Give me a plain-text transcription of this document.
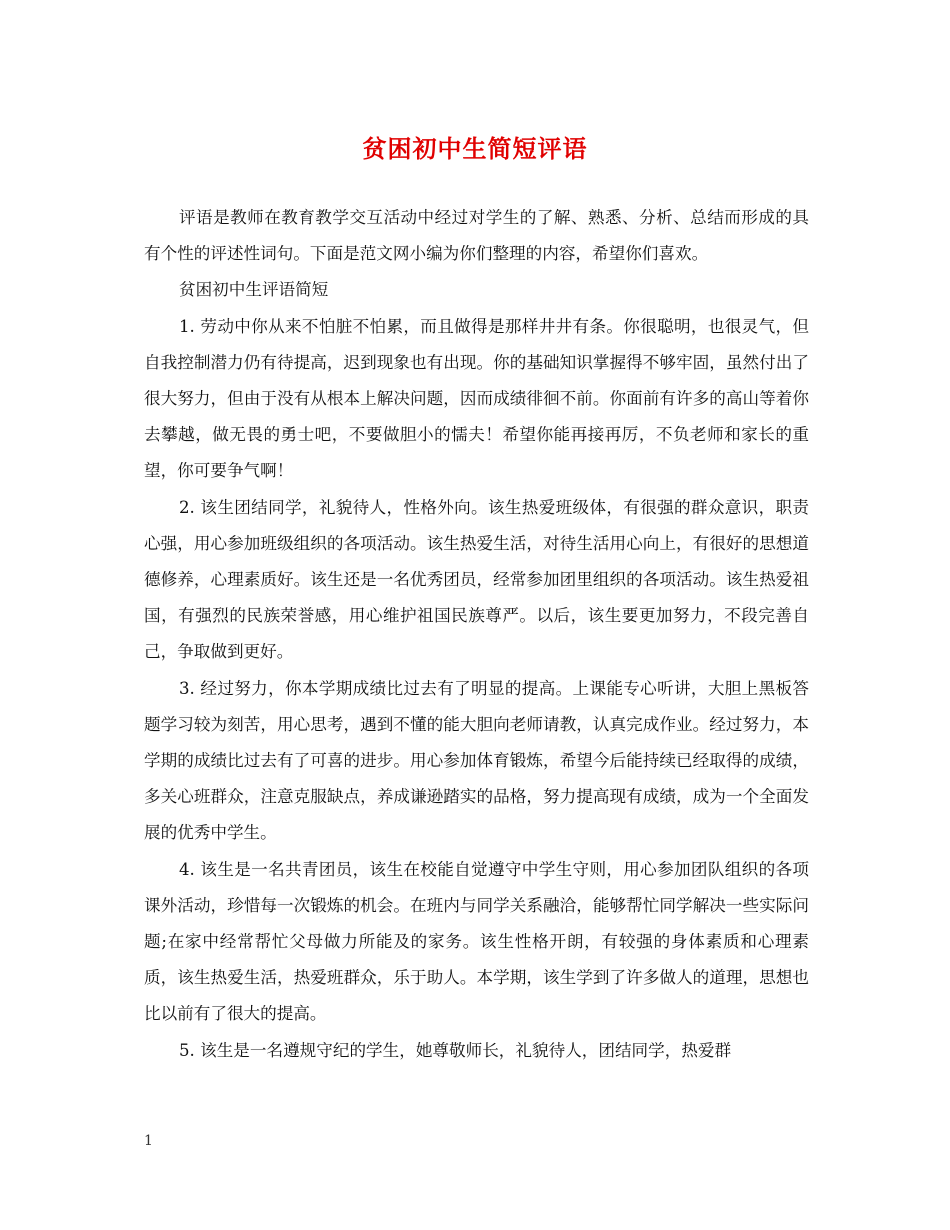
贫困初中生简短评语

评语是教师在教育教学交互活动中经过对学生的了解、熟悉、分析、总结而形成的具有个性的评述性词句。下面是范文网小编为你们整理的内容，希望你们喜欢。

贫困初中生评语简短

1. 劳动中你从来不怕脏不怕累，而且做得是那样井井有条。你很聪明，也很灵气，但自我控制潜力仍有待提高，迟到现象也有出现。你的基础知识掌握得不够牢固，虽然付出了很大努力，但由于没有从根本上解决问题，因而成绩徘徊不前。你面前有许多的高山等着你去攀越，做无畏的勇士吧，不要做胆小的懦夫！希望你能再接再厉，不负老师和家长的重望，你可要争气啊！

2. 该生团结同学，礼貌待人，性格外向。该生热爱班级体，有很强的群众意识，职责心强，用心参加班级组织的各项活动。该生热爱生活，对待生活用心向上，有很好的思想道德修养，心理素质好。该生还是一名优秀团员，经常参加团里组织的各项活动。该生热爱祖国，有强烈的民族荣誉感，用心维护祖国民族尊严。以后，该生要更加努力，不段完善自己，争取做到更好。

3. 经过努力，你本学期成绩比过去有了明显的提高。上课能专心听讲，大胆上黑板答题学习较为刻苦，用心思考，遇到不懂的能大胆向老师请教，认真完成作业。经过努力，本学期的成绩比过去有了可喜的进步。用心参加体育锻炼，希望今后能持续已经取得的成绩，多关心班群众，注意克服缺点，养成谦逊踏实的品格，努力提高现有成绩，成为一个全面发展的优秀中学生。

4. 该生是一名共青团员，该生在校能自觉遵守中学生守则，用心参加团队组织的各项课外活动，珍惜每一次锻炼的机会。在班内与同学关系融洽，能够帮忙同学解决一些实际问题;在家中经常帮忙父母做力所能及的家务。该生性格开朗，有较强的身体素质和心理素质，该生热爱生活，热爱班群众，乐于助人。本学期，该生学到了许多做人的道理，思想也比以前有了很大的提高。

5. 该生是一名遵规守纪的学生，她尊敬师长，礼貌待人，团结同学，热爱群

1
